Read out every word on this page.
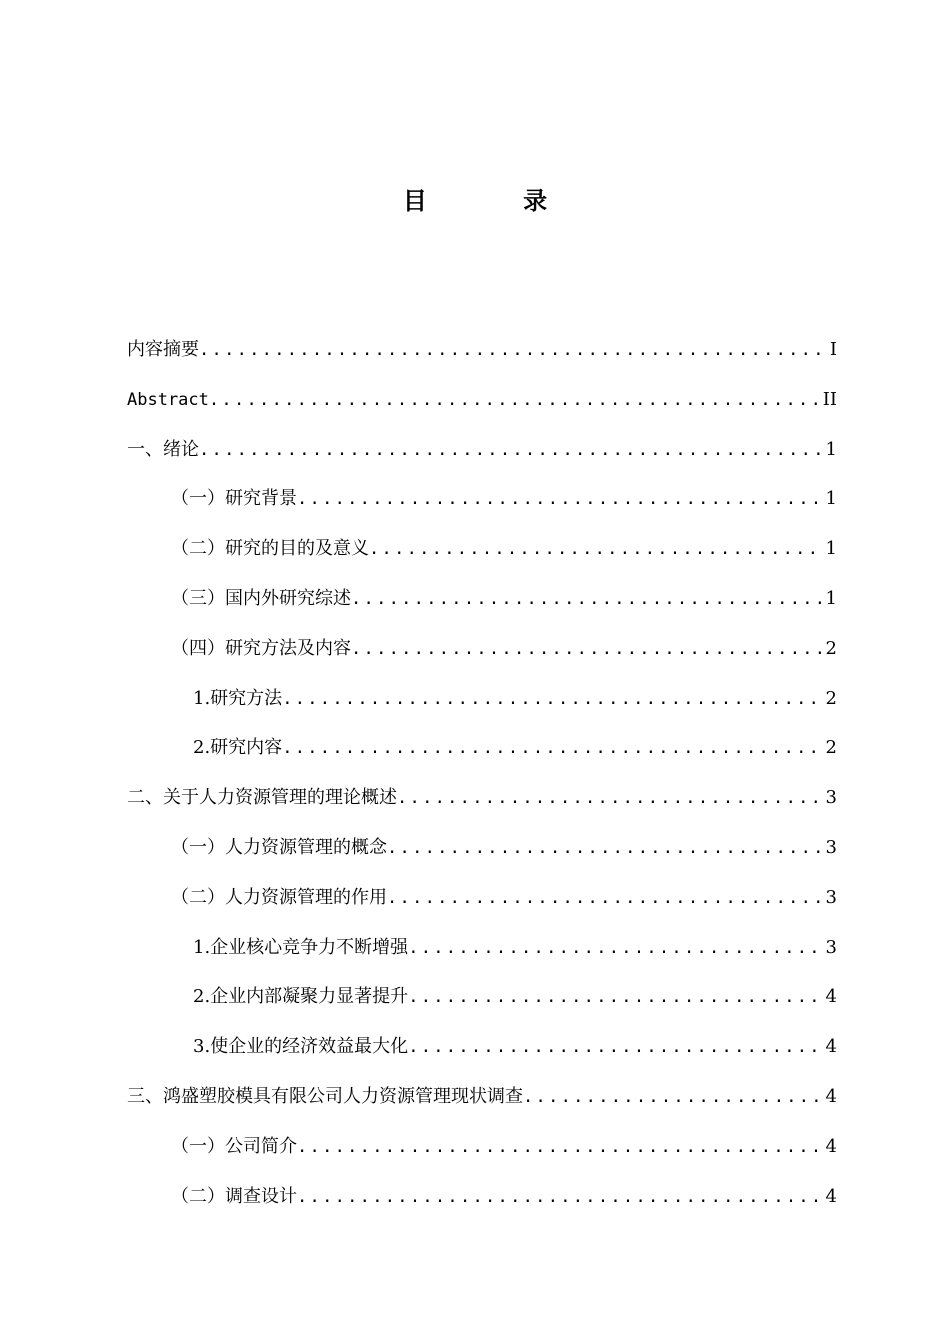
目 录
内容摘要 .....	I
Abstract .....	II
一、绪论 .....	1
（一）研究背景 .....	1
（二）研究的目的及意义 .....	1
（三）国内外研究综述 .....	1
（四）研究方法及内容 .....	2
1.研究方法 .....	2
2.研究内容 .....	2
二、关于人力资源管理的理论概述 .....	3
（一）人力资源管理的概念 .....	3
（二）人力资源管理的作用 .....	3
1.企业核心竞争力不断增强 .....	3
2.企业内部凝聚力显著提升 .....	4
3.使企业的经济效益最大化 .....	4
三、鸿盛塑胶模具有限公司人力资源管理现状调查 .....	4
（一）公司简介 .....	4
（二）调查设计 .....	4
